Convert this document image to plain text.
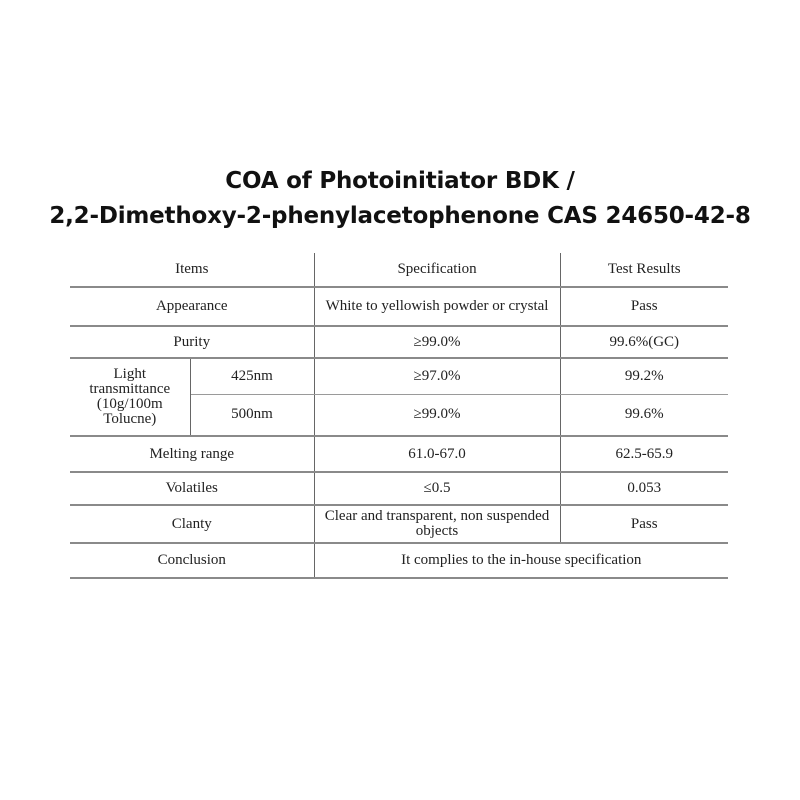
COA of Photoinitiator BDK /
2,2-Dimethoxy-2-phenylacetophenone CAS 24650-42-8
Items		Specification	Test Results
Appearance		White to yellowish powder or crystal	Pass
Purity		≥99.0%	99.6%(GC)
Light transmittance (10g/100m Tolucne)	425nm	≥97.0%	99.2%
	500nm	≥99.0%	99.6%
Melting range		61.0-67.0	62.5-65.9
Volatiles		≤0.5	0.053
Clanty		Clear and transparent, non suspended objects	Pass
Conclusion		It complies to the in-house specification	
